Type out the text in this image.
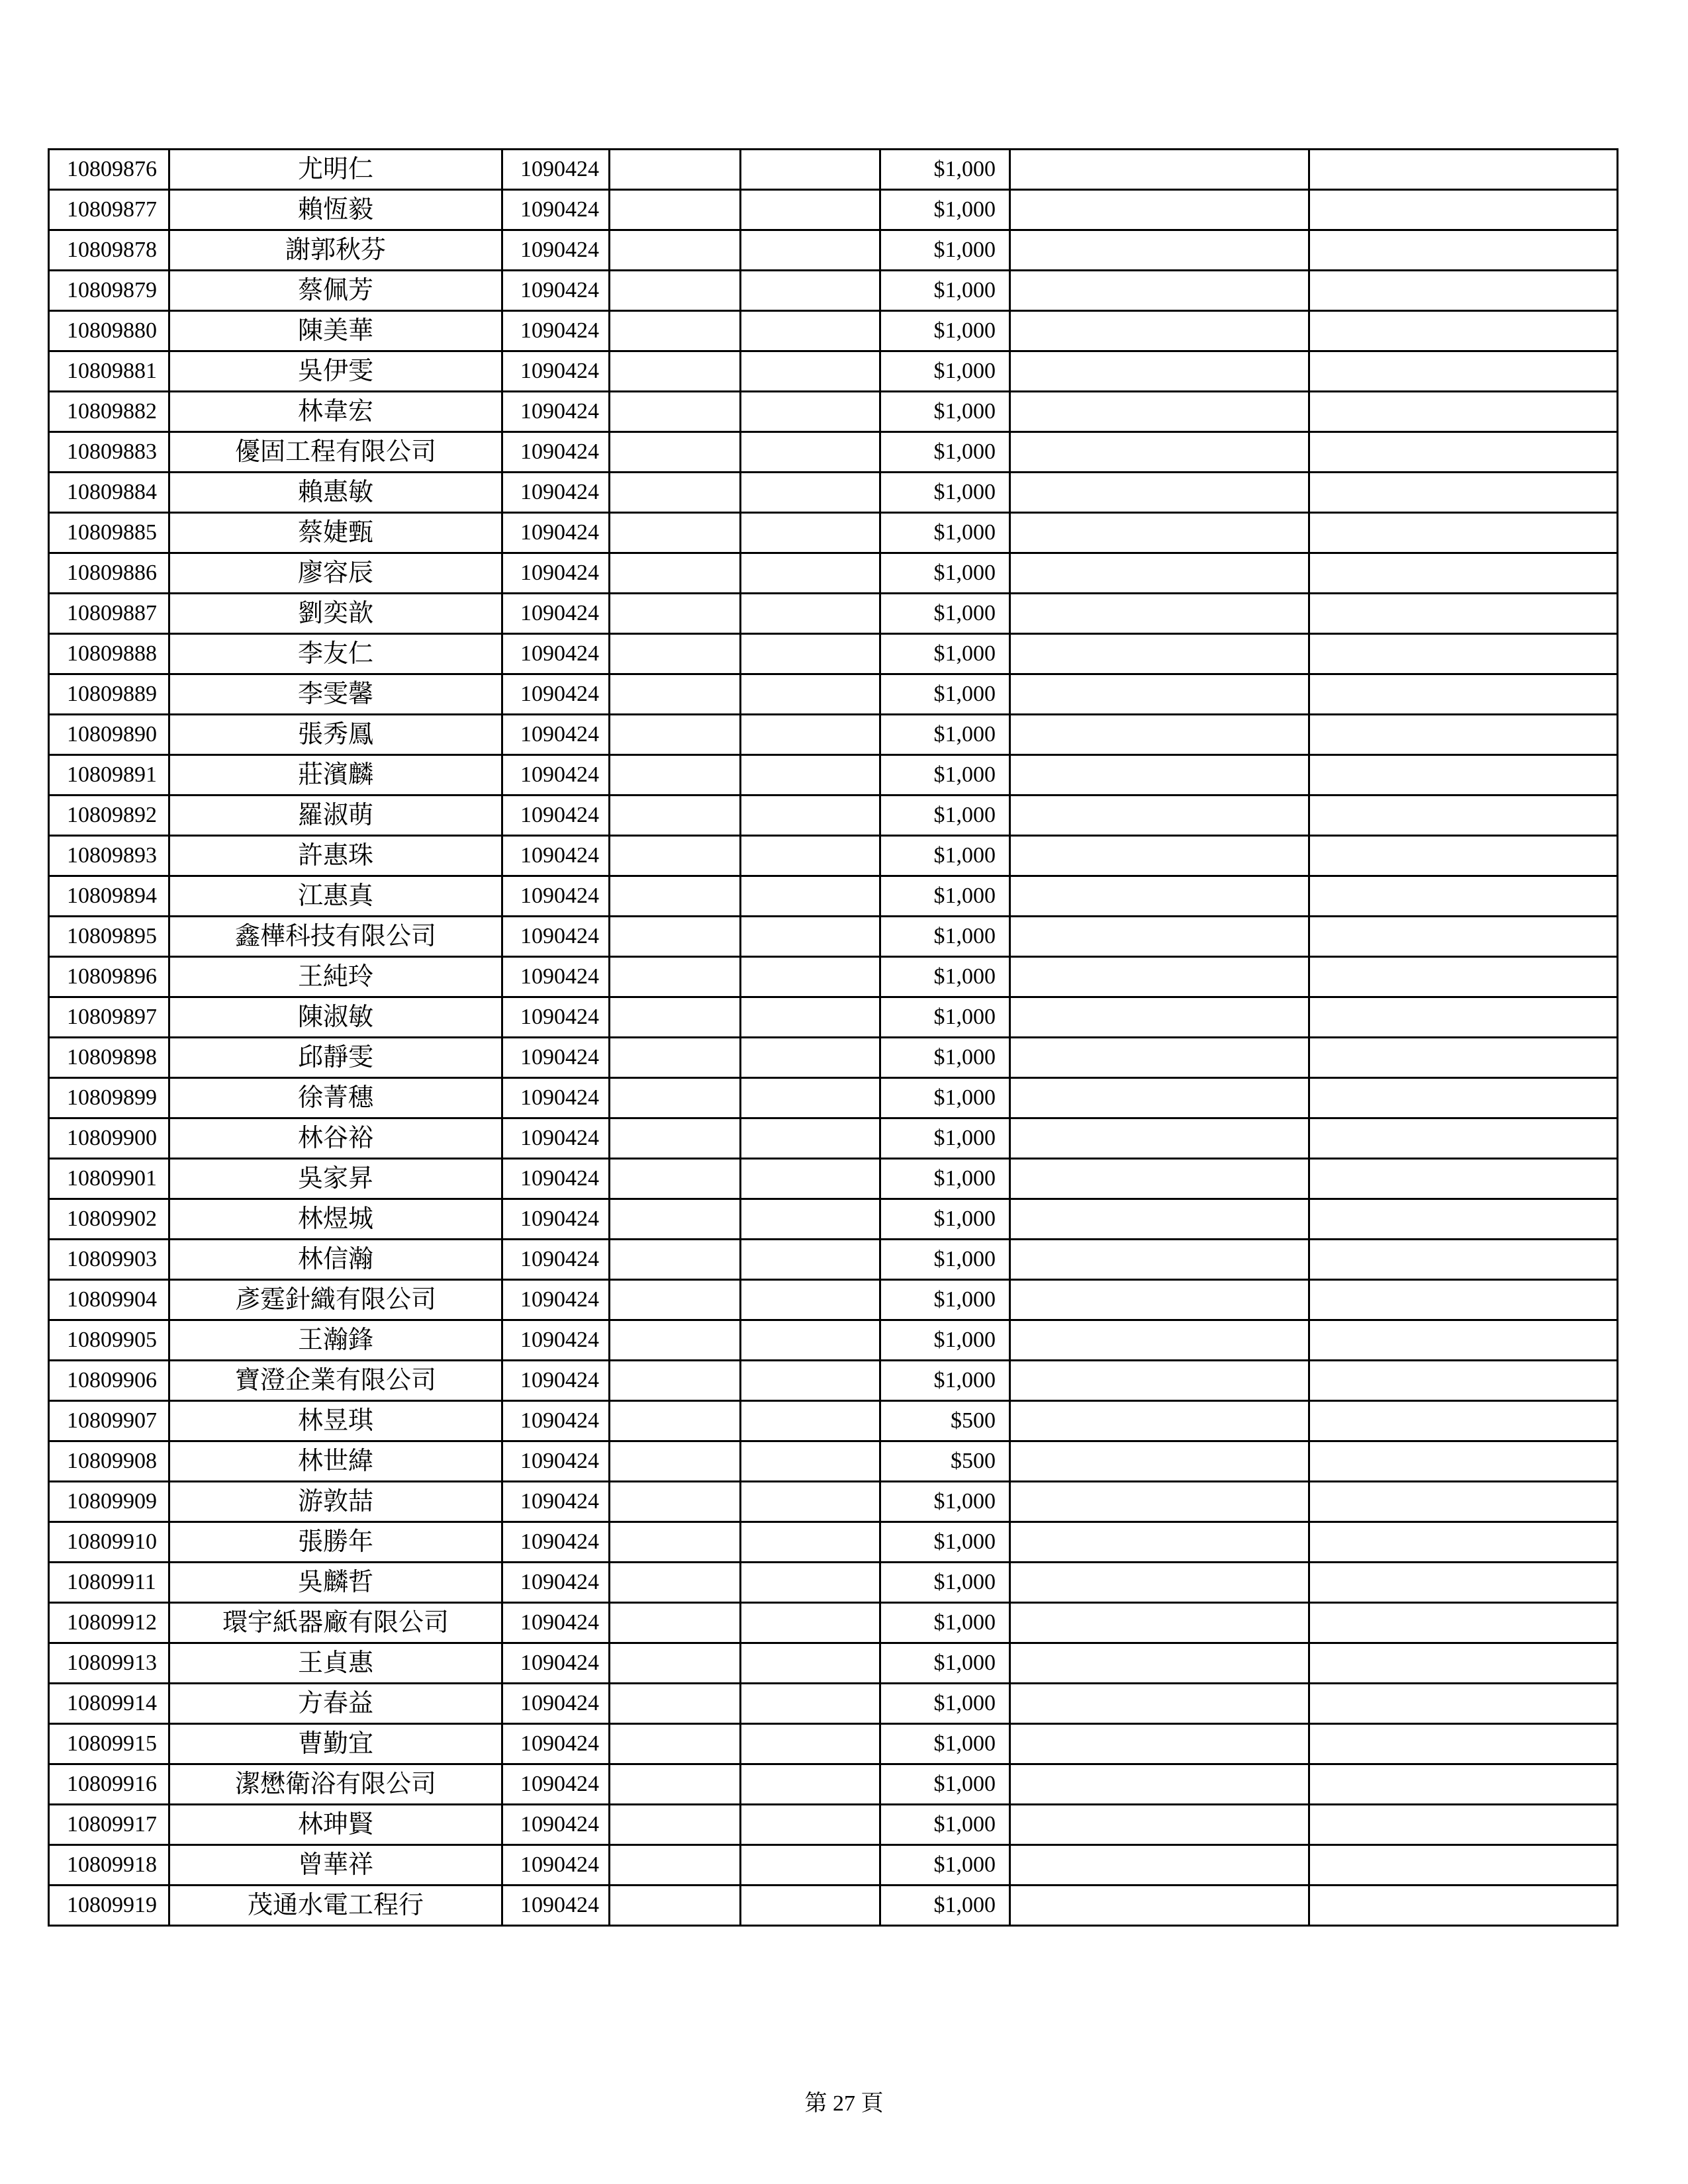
10809876	尤明仁	1090424			$1,000		
10809877	賴恆毅	1090424			$1,000		
10809878	謝郭秋芬	1090424			$1,000		
10809879	蔡佩芳	1090424			$1,000		
10809880	陳美華	1090424			$1,000		
10809881	吳伊雯	1090424			$1,000		
10809882	林韋宏	1090424			$1,000		
10809883	優固工程有限公司	1090424			$1,000		
10809884	賴惠敏	1090424			$1,000		
10809885	蔡婕甄	1090424			$1,000		
10809886	廖容辰	1090424			$1,000		
10809887	劉奕歆	1090424			$1,000		
10809888	李友仁	1090424			$1,000		
10809889	李雯馨	1090424			$1,000		
10809890	張秀鳳	1090424			$1,000		
10809891	莊濱麟	1090424			$1,000		
10809892	羅淑萌	1090424			$1,000		
10809893	許惠珠	1090424			$1,000		
10809894	江惠真	1090424			$1,000		
10809895	鑫樺科技有限公司	1090424			$1,000		
10809896	王純玲	1090424			$1,000		
10809897	陳淑敏	1090424			$1,000		
10809898	邱靜雯	1090424			$1,000		
10809899	徐菁穗	1090424			$1,000		
10809900	林谷裕	1090424			$1,000		
10809901	吳家昇	1090424			$1,000		
10809902	林煜城	1090424			$1,000		
10809903	林信瀚	1090424			$1,000		
10809904	彥霆針織有限公司	1090424			$1,000		
10809905	王瀚鋒	1090424			$1,000		
10809906	寶澄企業有限公司	1090424			$1,000		
10809907	林昱琪	1090424			$500		
10809908	林世緯	1090424			$500		
10809909	游敦喆	1090424			$1,000		
10809910	張勝年	1090424			$1,000		
10809911	吳麟哲	1090424			$1,000		
10809912	環宇紙器廠有限公司	1090424			$1,000		
10809913	王貞惠	1090424			$1,000		
10809914	方春益	1090424			$1,000		
10809915	曹勤宜	1090424			$1,000		
10809916	潔懋衛浴有限公司	1090424			$1,000		
10809917	林珅賢	1090424			$1,000		
10809918	曾華祥	1090424			$1,000		
10809919	茂通水電工程行	1090424			$1,000		
第 27 頁
